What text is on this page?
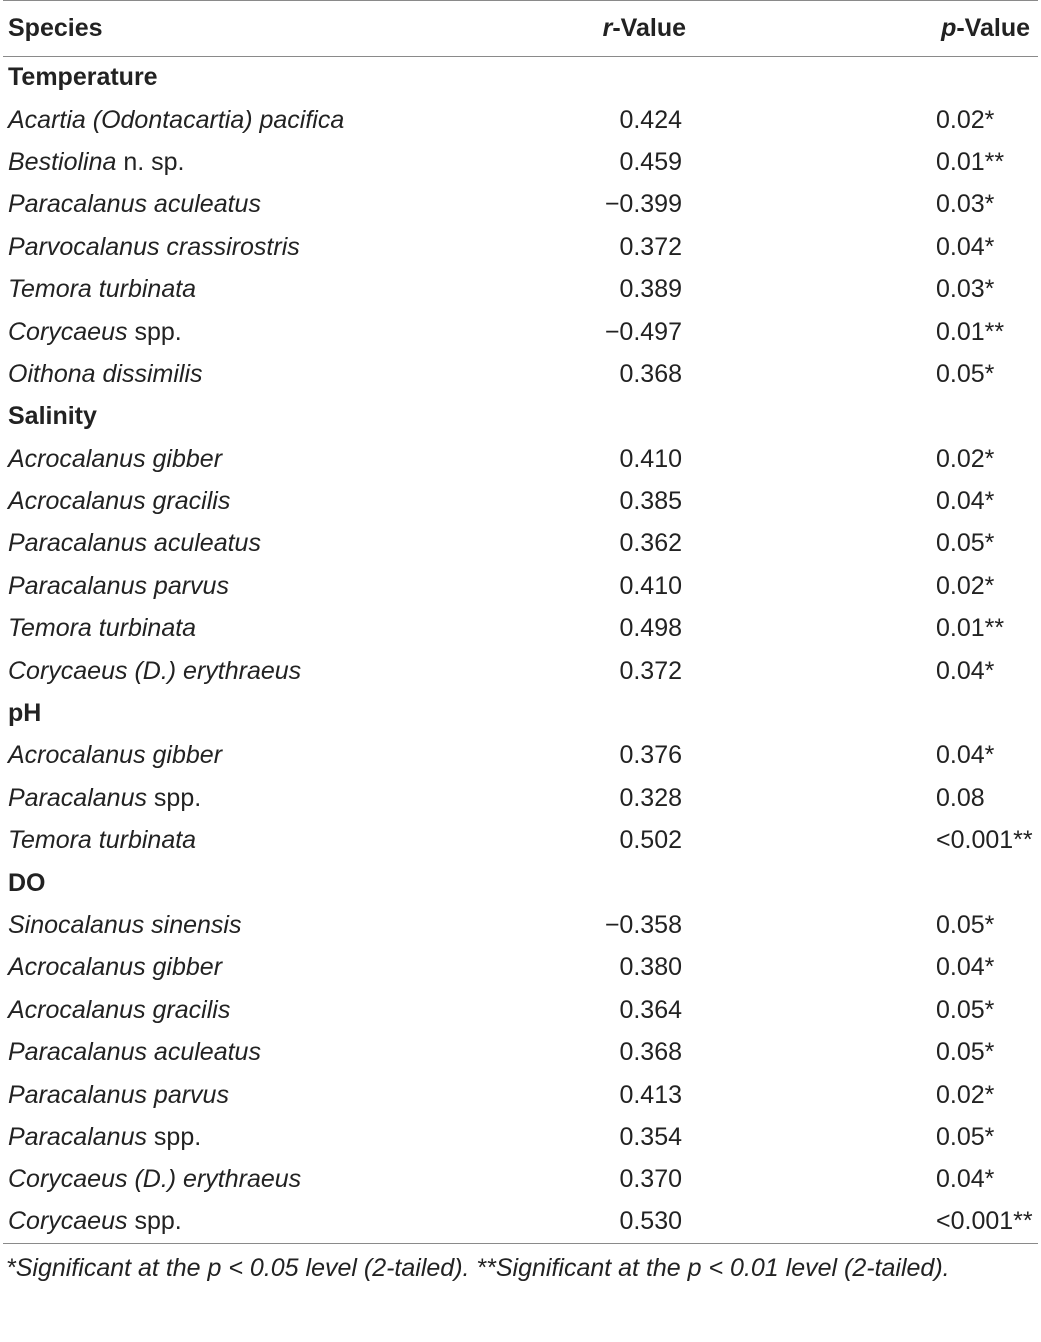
Species	r-Value	p-Value
Temperature		
Acartia (Odontacartia) pacifica	0.424	0.02*
Bestiolina n. sp.	0.459	0.01**
Paracalanus aculeatus	−0.399	0.03*
Parvocalanus crassirostris	0.372	0.04*
Temora turbinata	0.389	0.03*
Corycaeus spp.	−0.497	0.01**
Oithona dissimilis	0.368	0.05*
Salinity		
Acrocalanus gibber	0.410	0.02*
Acrocalanus gracilis	0.385	0.04*
Paracalanus aculeatus	0.362	0.05*
Paracalanus parvus	0.410	0.02*
Temora turbinata	0.498	0.01**
Corycaeus (D.) erythraeus	0.372	0.04*
pH		
Acrocalanus gibber	0.376	0.04*
Paracalanus spp.	0.328	0.08
Temora turbinata	0.502	<0.001**
DO		
Sinocalanus sinensis	−0.358	0.05*
Acrocalanus gibber	0.380	0.04*
Acrocalanus gracilis	0.364	0.05*
Paracalanus aculeatus	0.368	0.05*
Paracalanus parvus	0.413	0.02*
Paracalanus spp.	0.354	0.05*
Corycaeus (D.) erythraeus	0.370	0.04*
Corycaeus spp.	0.530	<0.001**
*Significant at the p < 0.05 level (2-tailed). **Significant at the p < 0.01 level (2-tailed).
